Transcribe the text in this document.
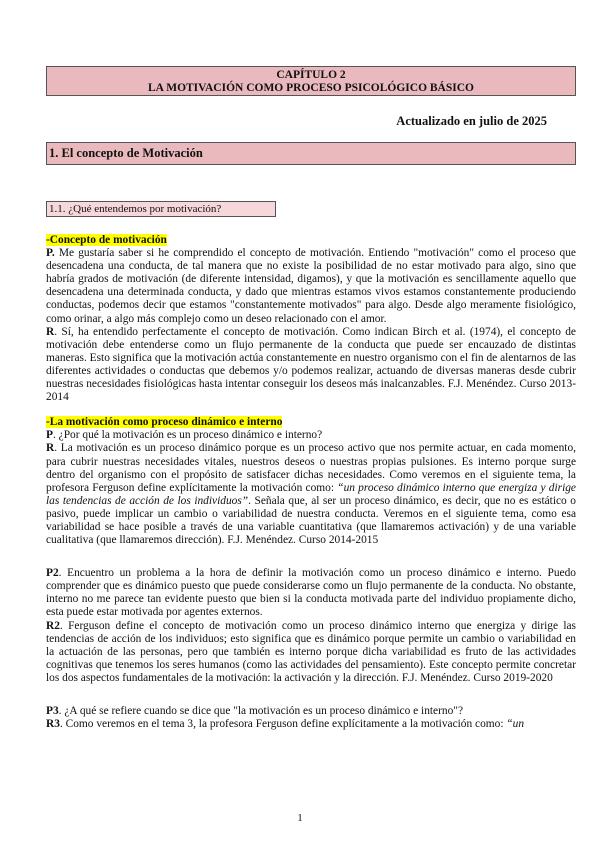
CAPÍTULO 2
LA MOTIVACIÓN COMO PROCESO PSICOLÓGICO BÁSICO
Actualizado en julio de 2025
1. El concepto de Motivación
1.1. ¿Qué entendemos por motivación?

-Concepto de motivación

P. Me gustaría saber si he comprendido el concepto de motivación. Entiendo "motivación" como el proceso que desencadena una conducta, de tal manera que no existe la posibilidad de no estar motivado para algo, sino que habría grados de motivación (de diferente intensidad, digamos), y que la motivación es sencillamente aquello que desencadena una determinada conducta, y dado que mientras estamos vivos estamos constantemente produciendo conductas, podemos decir que estamos "constantemente motivados" para algo. Desde algo meramente fisiológico, como orinar, a algo más complejo como un deseo relacionado con el amor.

R. Sí, ha entendido perfectamente el concepto de motivación. Como indican Birch et al. (1974), el concepto de motivación debe entenderse como un flujo permanente de la conducta que puede ser encauzado de distintas maneras. Esto significa que la motivación actúa constantemente en nuestro organismo con el fin de alentarnos de las diferentes actividades o conductas que debemos y/o podemos realizar, actuando de diversas maneras desde cubrir nuestras necesidades fisiológicas hasta intentar conseguir los deseos más inalcanzables. F.J. Menéndez. Curso 2013-2014

-La motivación como proceso dinámico e interno

P. ¿Por qué la motivación es un proceso dinámico e interno?

R. La motivación es un proceso dinámico porque es un proceso activo que nos permite actuar, en cada momento, para cubrir nuestras necesidades vitales, nuestros deseos o nuestras propias pulsiones. Es interno porque surge dentro del organismo con el propósito de satisfacer dichas necesidades. Como veremos en el siguiente tema, la profesora Ferguson define explícitamente la motivación como: “un proceso dinámico interno que energiza y dirige las tendencias de acción de los individuos”. Señala que, al ser un proceso dinámico, es decir, que no es estático o pasivo, puede implicar un cambio o variabilidad de nuestra conducta. Veremos en el siguiente tema, como esa variabilidad se hace posible a través de una variable cuantitativa (que llamaremos activación) y de una variable cualitativa (que llamaremos dirección). F.J. Menéndez. Curso 2014-2015

P2. Encuentro un problema a la hora de definir la motivación como un proceso dinámico e interno. Puedo comprender que es dinámico puesto que puede considerarse como un flujo permanente de la conducta. No obstante, interno no me parece tan evidente puesto que bien si la conducta motivada parte del individuo propiamente dicho, esta puede estar motivada por agentes externos.

R2. Ferguson define el concepto de motivación como un proceso dinámico interno que energiza y dirige las tendencias de acción de los individuos; esto significa que es dinámico porque permite un cambio o variabilidad en la actuación de las personas, pero que también es interno porque dicha variabilidad es fruto de las actividades cognitivas que tenemos los seres humanos (como las actividades del pensamiento). Este concepto permite concretar los dos aspectos fundamentales de la motivación: la activación y la dirección. F.J. Menéndez. Curso 2019-2020

P3. ¿A qué se refiere cuando se dice que "la motivación es un proceso dinámico e interno"?

R3. Como veremos en el tema 3, la profesora Ferguson define explícitamente a la motivación como: “un

1
